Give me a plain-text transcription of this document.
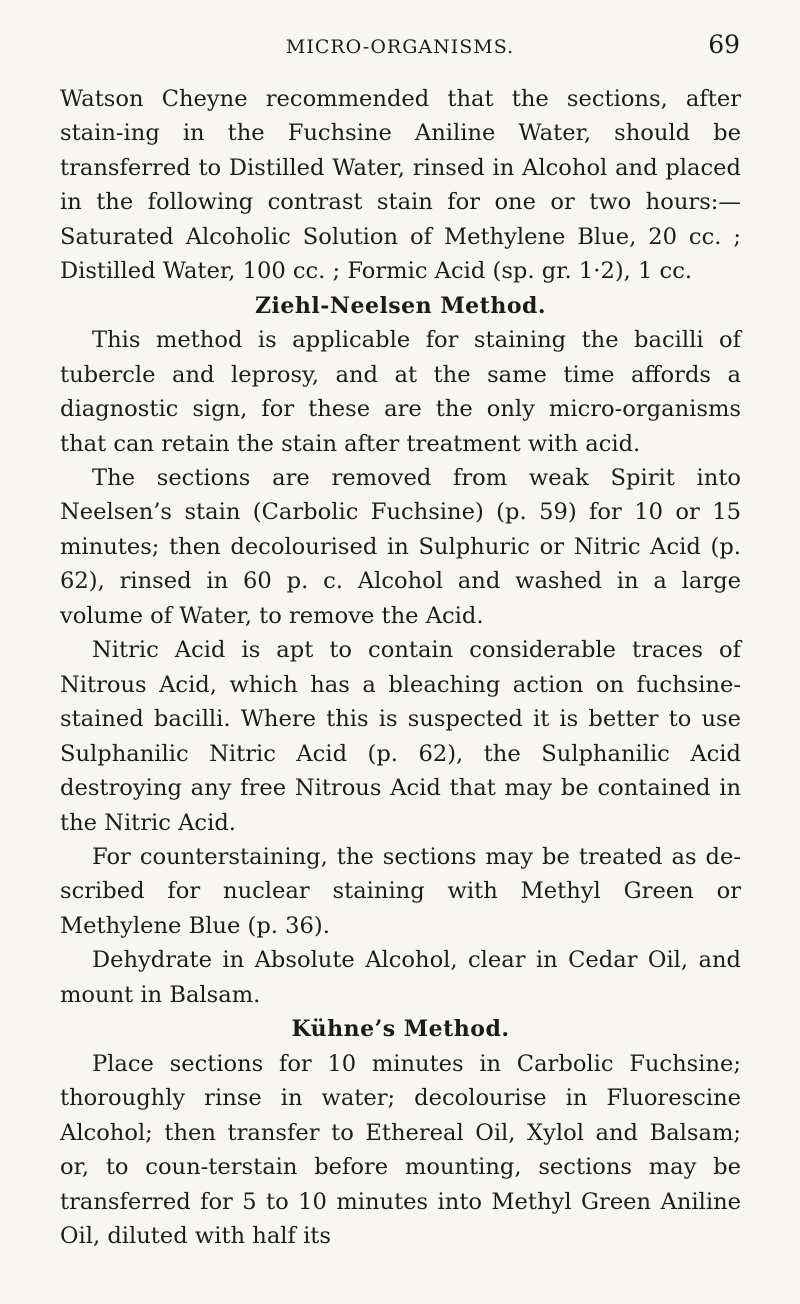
MICRO-ORGANISMS.	69

Watson Cheyne recommended that the sections, after stain-ing in the Fuchsine Aniline Water, should be transferred to Distilled Water, rinsed in Alcohol and placed in the following contrast stain for one or two hours:—Saturated Alcoholic Solution of Methylene Blue, 20 cc. ; Distilled Water, 100 cc. ; Formic Acid (sp. gr. 1·2), 1 cc.

Ziehl-Neelsen Method.

This method is applicable for staining the bacilli of tubercle and leprosy, and at the same time affords a diagnostic sign, for these are the only micro-organisms that can retain the stain after treatment with acid.

The sections are removed from weak Spirit into Neelsen’s stain (Carbolic Fuchsine) (p. 59) for 10 or 15 minutes; then decolourised in Sulphuric or Nitric Acid (p. 62), rinsed in 60 p. c. Alcohol and washed in a large volume of Water, to remove the Acid.

Nitric Acid is apt to contain considerable traces of Nitrous Acid, which has a bleaching action on fuchsine-stained bacilli. Where this is suspected it is better to use Sulphanilic Nitric Acid (p. 62), the Sulphanilic Acid destroying any free Nitrous Acid that may be contained in the Nitric Acid.

For counterstaining, the sections may be treated as de-scribed for nuclear staining with Methyl Green or Methylene Blue (p. 36).

Dehydrate in Absolute Alcohol, clear in Cedar Oil, and mount in Balsam.

Kühne’s Method.

Place sections for 10 minutes in Carbolic Fuchsine; thoroughly rinse in water; decolourise in Fluorescine Alcohol; then transfer to Ethereal Oil, Xylol and Balsam; or, to coun-terstain before mounting, sections may be transferred for 5 to 10 minutes into Methyl Green Aniline Oil, diluted with half its
